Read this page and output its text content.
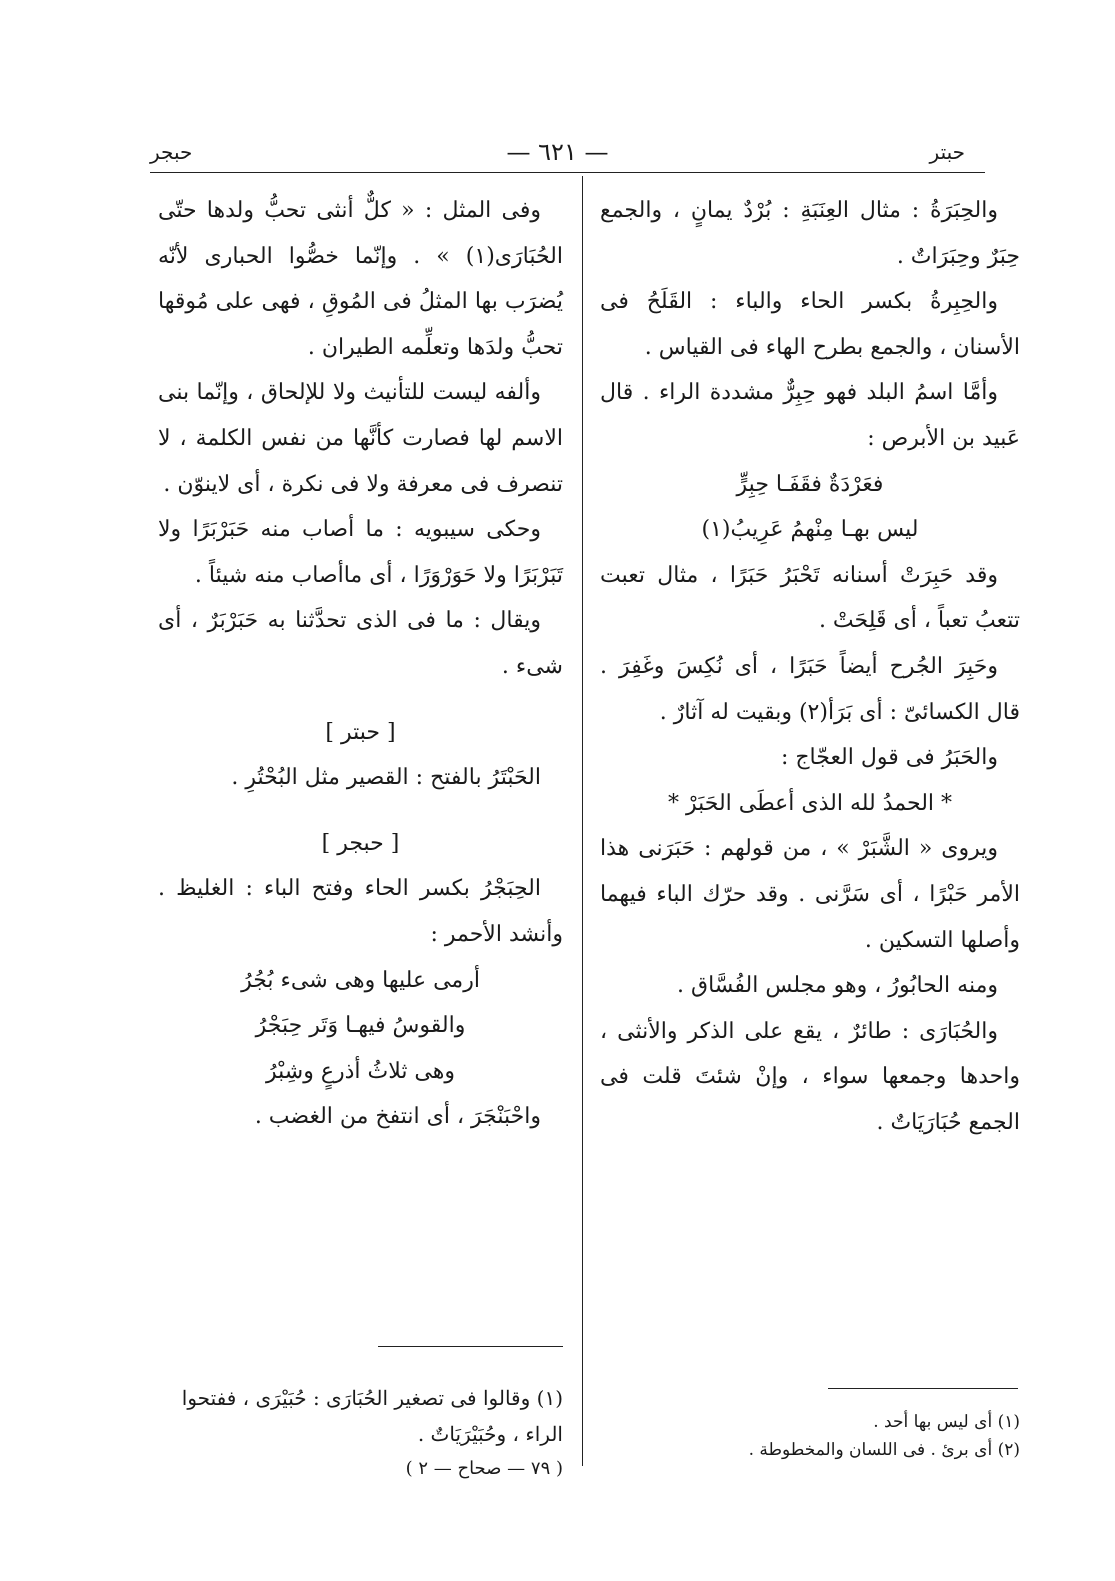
حبجر	— ٦٢١ —	حبتر

والحِبَرَةُ : مثال العِنَبَةِ : بُرْدٌ يمانٍ ، والجمع حِبَرٌ وحِبَرَاتٌ .

والحِبِرةُ بكسر الحاء والباء : القَلَحُ فى الأسنان ، والجمع بطرح الهاء فى القياس .

وأمَّا اسمُ البلد فهو حِبِرٌّ مشددة الراء . قال عَبيد بن الأبرص :

فعَرْدَةٌ فقَفَـا حِبِرٍّ

ليس بهـا مِنْهمُ عَرِيبُ(١)

وقد حَبِرَتْ أسنانه تَحْبَرُ حَبَرًا ، مثال تعبت تتعبُ تعباً ، أى قَلِحَتْ .

وحَبِرَ الجُرح أيضاً حَبَرًا ، أى نُكِسَ وغَفِرَ . قال الكسائىّ : أى بَرَأ(٢) وبقيت له آثارٌ .

والحَبَرُ فى قول العجّاج :

* الحمدُ لله الذى أعطَى الحَبَرْ *

ويروى « الشَّبَرْ » ، من قولهم : حَبَرَنى هذا الأمر حَبْرًا ، أى سَرَّنى . وقد حرّك الباء فيهما وأصلها التسكين .

ومنه الحابُورُ ، وهو مجلس الفُسَّاق .

والحُبَارَى : طائرٌ ، يقع على الذكر والأنثى ، واحدها وجمعها سواء ، وإنْ شئتَ قلت فى الجمع حُبَارَيَاتٌ .

وفى المثل : « كلٌّ أنثى تحبُّ ولدها حتّى الحُبَارَى(١) » . وإنّما خصُّوا الحبارى لأنّه يُضرَب بها المثلُ فى المُوقِ ، فهى على مُوقها تحبُّ ولدَها وتعلِّمه الطيران .

وألفه ليست للتأنيث ولا للإلحاق ، وإنّما بنى الاسم لها فصارت كأنَّها من نفس الكلمة ، لا تنصرف فى معرفة ولا فى نكرة ، أى لاينوّن .

وحكى سيبويه : ما أصاب منه حَبَرْبَرًا ولا تَبَرْبَرًا ولا حَوَرْوَرًا ، أى ماأصاب منه شيئاً .

ويقال : ما فى الذى تحدَّثنا به حَبَرْبَرٌ ، أى شىء .

[ حبتر ]

الحَبْتَرُ بالفتح : القصير مثل البُحْتُرِ .

[ حبجر ]

الحِبَجْرُ بكسر الحاء وفتح الباء : الغليظ . وأنشد الأحمر :

أرمى عليها وهى شىء بُجُرُ

والقوسُ فيهـا وَتَر حِبَجْرُ

وهى ثلاثُ أذرعٍ وشِبْرُ

واحْبَنْجَرَ ، أى انتفخ من الغضب .

(١) أى ليس بها أحد .

(٢) أى برئ . فى اللسان والمخطوطة .

(١) وقالوا فى تصغير الحُبَارَى : حُبَيْرَى ، ففتحوا الراء ، وحُبَيْرَيَاتٌ .

( ٧٩ — صحاح — ٢ )
